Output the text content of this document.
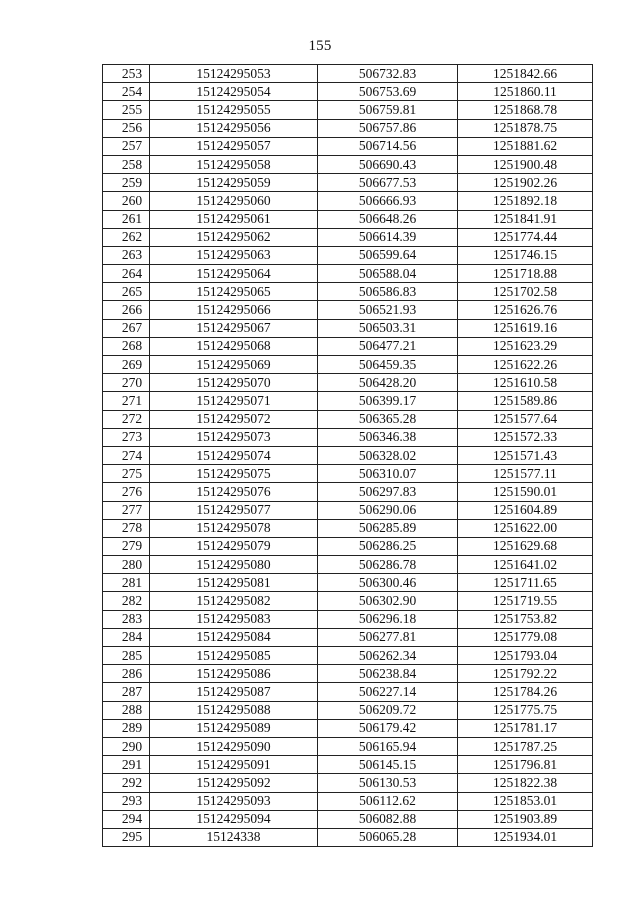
155
253	15124295053	506732.83	1251842.66
254	15124295054	506753.69	1251860.11
255	15124295055	506759.81	1251868.78
256	15124295056	506757.86	1251878.75
257	15124295057	506714.56	1251881.62
258	15124295058	506690.43	1251900.48
259	15124295059	506677.53	1251902.26
260	15124295060	506666.93	1251892.18
261	15124295061	506648.26	1251841.91
262	15124295062	506614.39	1251774.44
263	15124295063	506599.64	1251746.15
264	15124295064	506588.04	1251718.88
265	15124295065	506586.83	1251702.58
266	15124295066	506521.93	1251626.76
267	15124295067	506503.31	1251619.16
268	15124295068	506477.21	1251623.29
269	15124295069	506459.35	1251622.26
270	15124295070	506428.20	1251610.58
271	15124295071	506399.17	1251589.86
272	15124295072	506365.28	1251577.64
273	15124295073	506346.38	1251572.33
274	15124295074	506328.02	1251571.43
275	15124295075	506310.07	1251577.11
276	15124295076	506297.83	1251590.01
277	15124295077	506290.06	1251604.89
278	15124295078	506285.89	1251622.00
279	15124295079	506286.25	1251629.68
280	15124295080	506286.78	1251641.02
281	15124295081	506300.46	1251711.65
282	15124295082	506302.90	1251719.55
283	15124295083	506296.18	1251753.82
284	15124295084	506277.81	1251779.08
285	15124295085	506262.34	1251793.04
286	15124295086	506238.84	1251792.22
287	15124295087	506227.14	1251784.26
288	15124295088	506209.72	1251775.75
289	15124295089	506179.42	1251781.17
290	15124295090	506165.94	1251787.25
291	15124295091	506145.15	1251796.81
292	15124295092	506130.53	1251822.38
293	15124295093	506112.62	1251853.01
294	15124295094	506082.88	1251903.89
295	15124338	506065.28	1251934.01
